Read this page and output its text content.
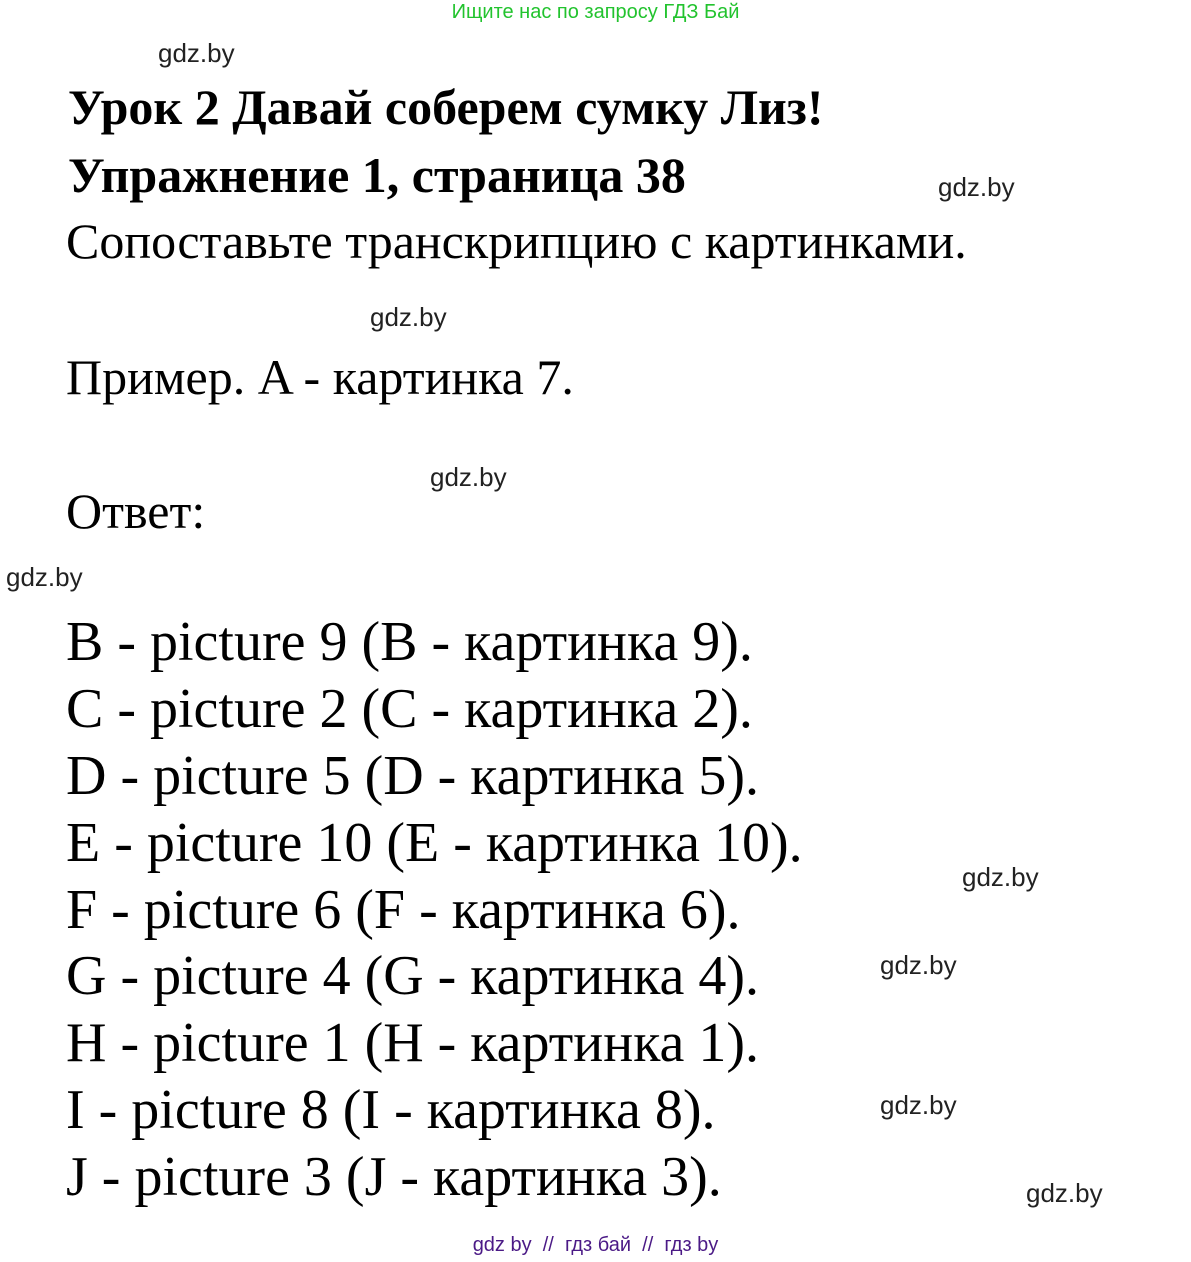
Ищите нас по запросу ГДЗ Бай
Урок 2 Давай соберем сумку Лиз!
Упражнение 1, страница 38
Сопоставьте транскрипцию с картинками.
Пример. A - картинка 7.
Ответ:
B - picture 9 (B - картинка 9).
C - picture 2 (C - картинка 2).
D - picture 5 (D - картинка 5).
E - picture 10 (E - картинка 10).
F - picture 6 (F - картинка 6).
G - picture 4 (G - картинка 4).
H - picture 1 (H - картинка 1).
I - picture 8 (I - картинка 8).
J - picture 3 (J - картинка 3).
gdz.by
gdz.by
gdz.by
gdz.by
gdz.by
gdz.by
gdz.by
gdz.by
gdz.by
gdz by  //  гдз бай  //  гдз by
